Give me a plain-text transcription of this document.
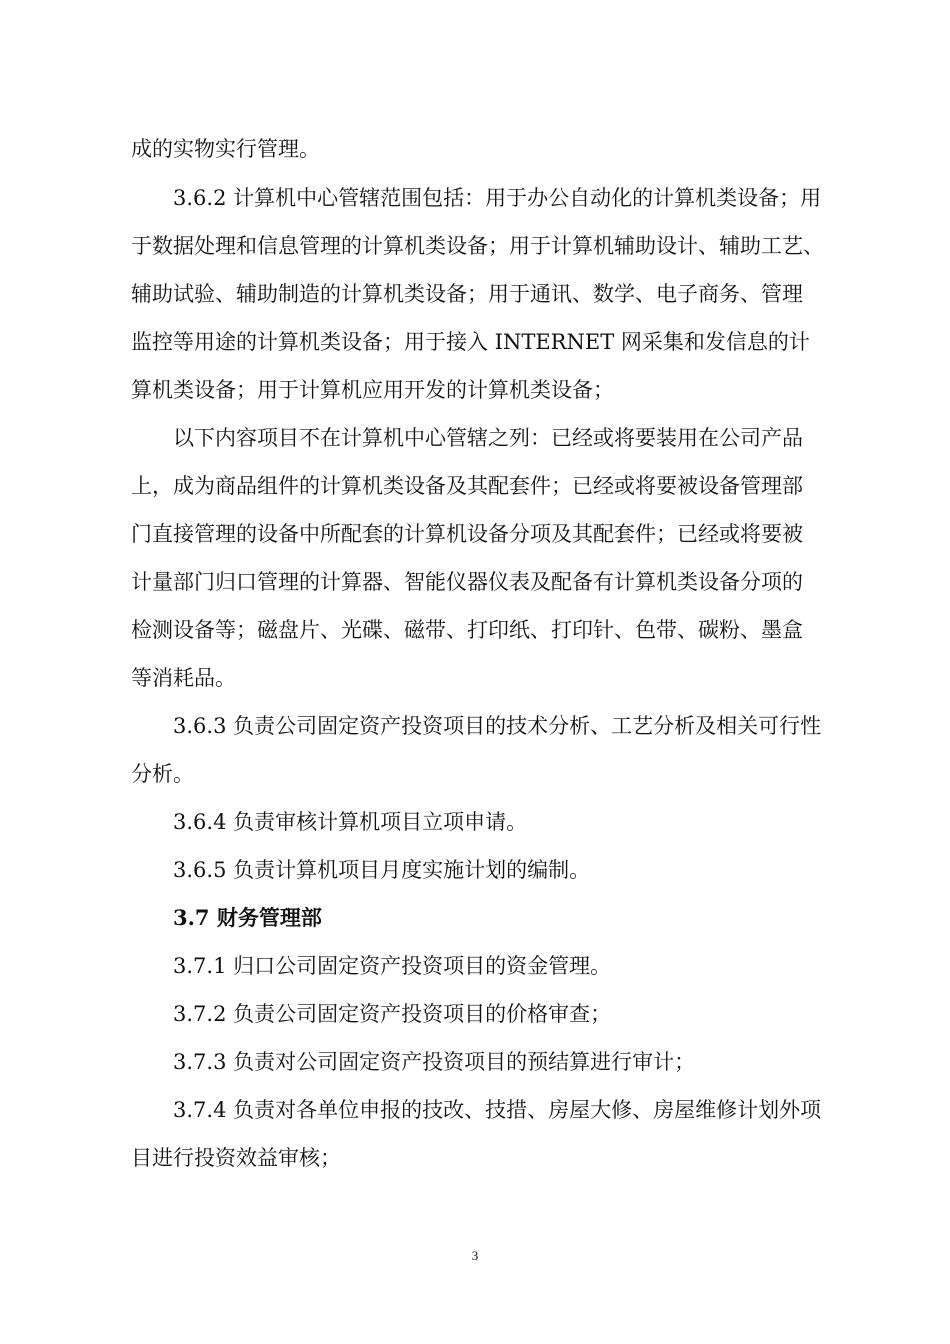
成的实物实行管理。

3.6.2 计算机中心管辖范围包括：用于办公自动化的计算机类设备；用

于数据处理和信息管理的计算机类设备；用于计算机辅助设计、辅助工艺、

辅助试验、辅助制造的计算机类设备；用于通讯、数学、电子商务、管理

监控等用途的计算机类设备；用于接入 INTERNET 网采集和发信息的计

算机类设备；用于计算机应用开发的计算机类设备；

以下内容项目不在计算机中心管辖之列：已经或将要装用在公司产品

上，成为商品组件的计算机类设备及其配套件；已经或将要被设备管理部

门直接管理的设备中所配套的计算机设备分项及其配套件；已经或将要被

计量部门归口管理的计算器、智能仪器仪表及配备有计算机类设备分项的

检测设备等；磁盘片、光碟、磁带、打印纸、打印针、色带、碳粉、墨盒

等消耗品。

3.6.3 负责公司固定资产投资项目的技术分析、工艺分析及相关可行性

分析。

3.6.4 负责审核计算机项目立项申请。

3.6.5 负责计算机项目月度实施计划的编制。

3.7 财务管理部

3.7.1 归口公司固定资产投资项目的资金管理。

3.7.2 负责公司固定资产投资项目的价格审查；

3.7.3 负责对公司固定资产投资项目的预结算进行审计；

3.7.4 负责对各单位申报的技改、技措、房屋大修、房屋维修计划外项

目进行投资效益审核；

3
